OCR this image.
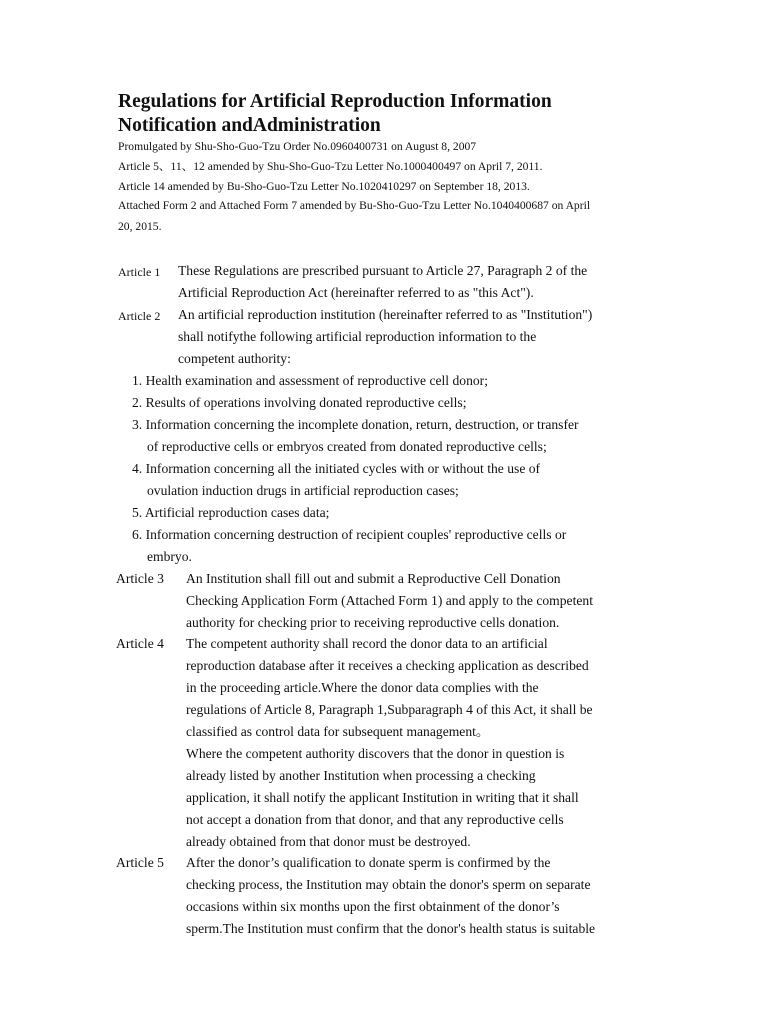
Regulations for Artificial Reproduction Information
Notification andAdministration
Promulgated by Shu-Sho-Guo-Tzu Order No.0960400731 on August 8, 2007
Article 5、11、12 amended by Shu-Sho-Guo-Tzu Letter No.1000400497 on April 7, 2011.
Article 14 amended by Bu-Sho-Guo-Tzu Letter No.1020410297 on September 18, 2013.
Attached Form 2 and Attached Form 7 amended by Bu-Sho-Guo-Tzu Letter No.1040400687 on April
20, 2015.
Article 1 These Regulations are prescribed pursuant to Article 27, Paragraph 2 of the
Artificial Reproduction Act (hereinafter referred to as "this Act").
Article 2 An artificial reproduction institution (hereinafter referred to as "Institution")
shall notifythe following artificial reproduction information to the
competent authority:
1. Health examination and assessment of reproductive cell donor;
2. Results of operations involving donated reproductive cells;
3. Information concerning the incomplete donation, return, destruction, or transfer
of reproductive cells or embryos created from donated reproductive cells;
4. Information concerning all the initiated cycles with or without the use of
ovulation induction drugs in artificial reproduction cases;
5. Artificial reproduction cases data;
6. Information concerning destruction of recipient couples' reproductive cells or
embryo.
Article 3 An Institution shall fill out and submit a Reproductive Cell Donation
Checking Application Form (Attached Form 1) and apply to the competent
authority for checking prior to receiving reproductive cells donation.
Article 4 The competent authority shall record the donor data to an artificial
reproduction database after it receives a checking application as described
in the proceeding article.Where the donor data complies with the
regulations of Article 8, Paragraph 1,Subparagraph 4 of this Act, it shall be
classified as control data for subsequent management。
Where the competent authority discovers that the donor in question is
already listed by another Institution when processing a checking
application, it shall notify the applicant Institution in writing that it shall
not accept a donation from that donor, and that any reproductive cells
already obtained from that donor must be destroyed.
Article 5 After the donor’s qualification to donate sperm is confirmed by the
checking process, the Institution may obtain the donor's sperm on separate
occasions within six months upon the first obtainment of the donor’s
sperm.The Institution must confirm that the donor's health status is suitable
